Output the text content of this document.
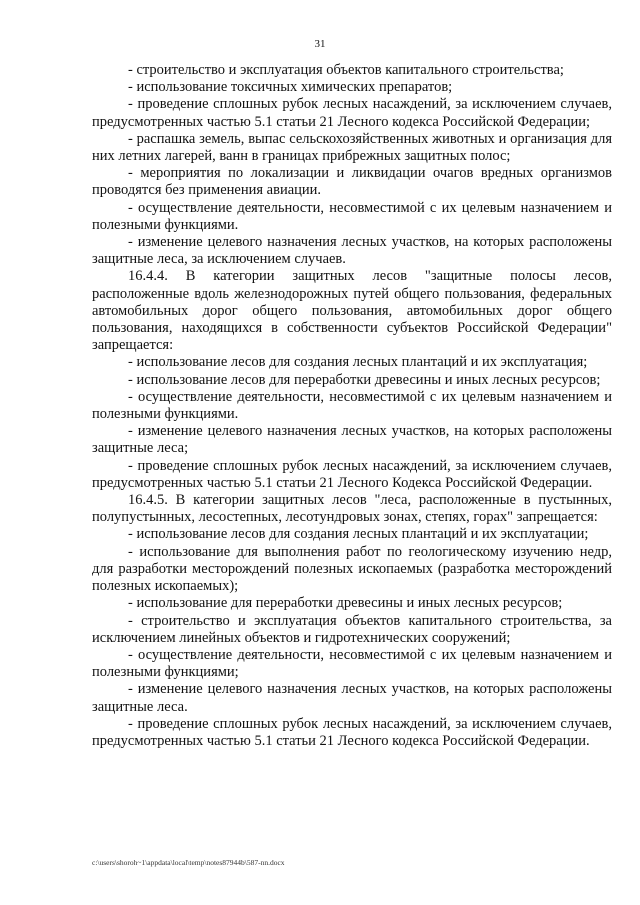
31

- строительство и эксплуатация объектов капитального строительства;

- использование токсичных химических препаратов;

- проведение сплошных рубок лесных насаждений, за исключением случаев, предусмотренных частью 5.1 статьи 21 Лесного кодекса Российской Федерации;

- распашка земель, выпас сельскохозяйственных животных и организация для них летних лагерей, ванн в границах прибрежных защитных полос;

- мероприятия по локализации и ликвидации очагов вредных организмов проводятся без применения авиации.

- осуществление деятельности, несовместимой с их целевым назначением и полезными функциями.

- изменение целевого назначения лесных участков, на которых расположены защитные леса, за исключением случаев.

16.4.4. В категории защитных лесов "защитные полосы лесов, расположенные вдоль железнодорожных путей общего пользования, федеральных автомобильных дорог общего пользования, автомобильных дорог общего пользования, находящихся в собственности субъектов Российской Федерации" запрещается:

- использование лесов для создания лесных плантаций и их эксплуатация;

- использование лесов для переработки древесины и иных лесных ресурсов;

- осуществление деятельности, несовместимой с их целевым назначением и полезными функциями.

- изменение целевого назначения лесных участков, на которых расположены защитные леса;

- проведение сплошных рубок лесных насаждений, за исключением случаев, предусмотренных частью 5.1 статьи 21 Лесного Кодекса Российской Федерации.

16.4.5. В категории защитных лесов "леса, расположенные в пустынных, полупустынных, лесостепных, лесотундровых зонах, степях, горах" запрещается:

- использование лесов для создания лесных плантаций и их эксплуатации;

- использование для выполнения работ по геологическому изучению недр, для разработки месторождений полезных ископаемых (разработка месторождений полезных ископаемых);

- использование для переработки древесины и иных лесных ресурсов;

- строительство и эксплуатация объектов капитального строительства, за исключением линейных объектов и гидротехнических сооружений;

- осуществление деятельности, несовместимой с их целевым назначением и полезными функциями;

- изменение целевого назначения лесных участков, на которых расположены защитные леса.

- проведение сплошных рубок лесных насаждений, за исключением случаев, предусмотренных частью 5.1 статьи 21 Лесного кодекса Российской Федерации.

c:\users\shoroh~1\appdata\local\temp\notes87944b\587-nn.docx
